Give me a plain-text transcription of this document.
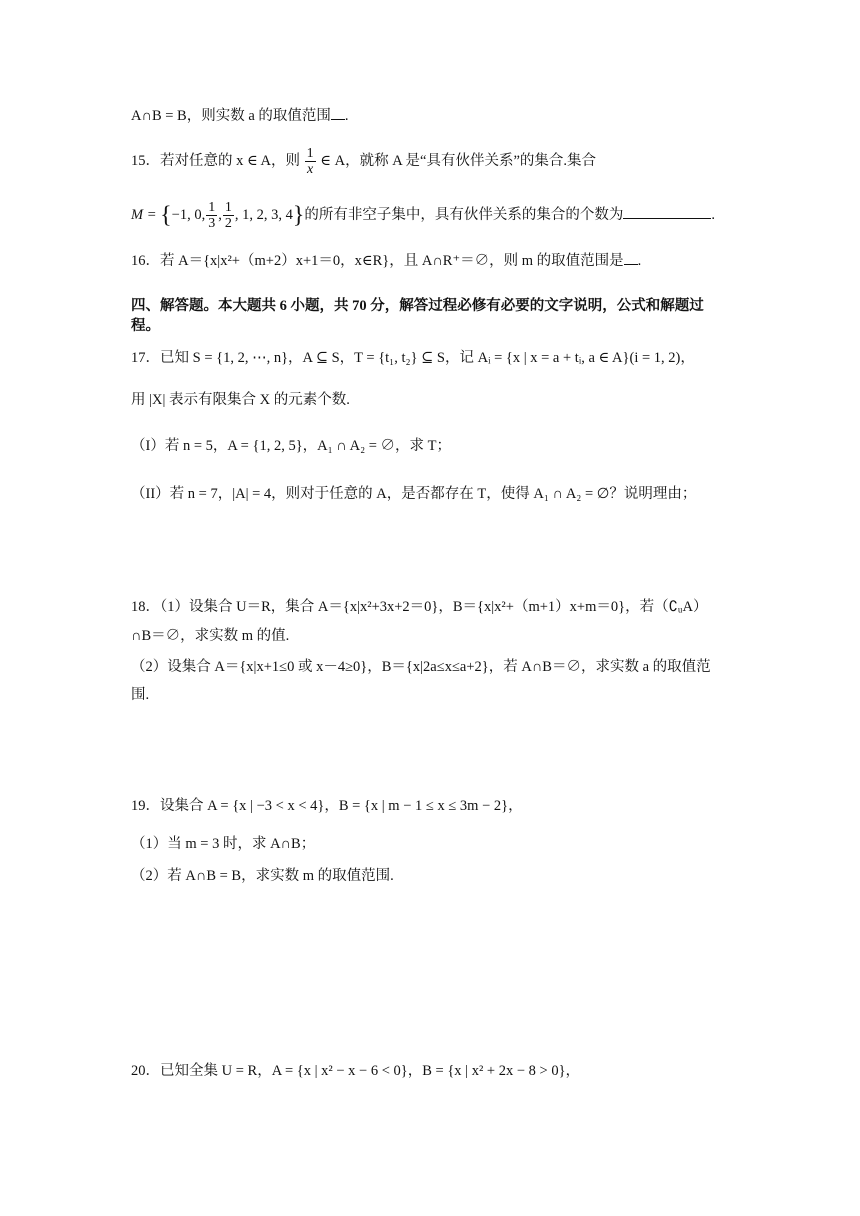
A∩B = B，则实数 a 的取值范围 .
15．若对任意的 x ∈ A，则 $\frac{1}{x}$ ∈ A，就称 A 是“具有伙伴关系”的集合.集合
M = {−1, 0, $\frac{1}{3}$ , $\frac{1}{2}$ , 1, 2, 3, 4}的所有非空子集中，具有伙伴关系的集合的个数为	.
16．若 A＝{x|x²+（m+2）x+1＝0，x∈R}，且 A∩R⁺＝∅，则 m 的取值范围是 .
四、解答题。本大题共 6 小题，共 70 分，解答过程必修有必要的文字说明，公式和解题过
程。
17．已知 S = {1, 2, ⋯, n}，A ⊆ S，T = {t₁, t₂} ⊆ S，记 Aᵢ = {x | x = a + tᵢ, a ∈ A}(i = 1, 2)，
用 |X| 表示有限集合 X 的元素个数.
（I）若 n = 5，A = {1, 2, 5}，A₁ ∩ A₂ = ∅，求 T；
（II）若 n = 7，|A| = 4，则对于任意的 A，是否都存在 T，使得 A₁ ∩ A₂ = ∅？说明理由；
18．（1）设集合 U＝R，集合 A＝{x|x²+3x+2＝0}，B＝{x|x²+（m+1）x+m＝0}，若（∁ᵤA）
∩B＝∅，求实数 m 的值.
（2）设集合 A＝{x|x+1≤0 或 x－4≥0}，B＝{x|2a≤x≤a+2}，若 A∩B＝∅，求实数 a 的取值范
围.
19．设集合 A = {x | −3 < x < 4}，B = {x | m − 1 ≤ x ≤ 3m − 2}，
（1）当 m = 3 时，求 A∩B；
（2）若 A∩B = B，求实数 m 的取值范围.
20．已知全集 U = R，A = {x | x² − x − 6 < 0}，B = {x | x² + 2x − 8 > 0}，
